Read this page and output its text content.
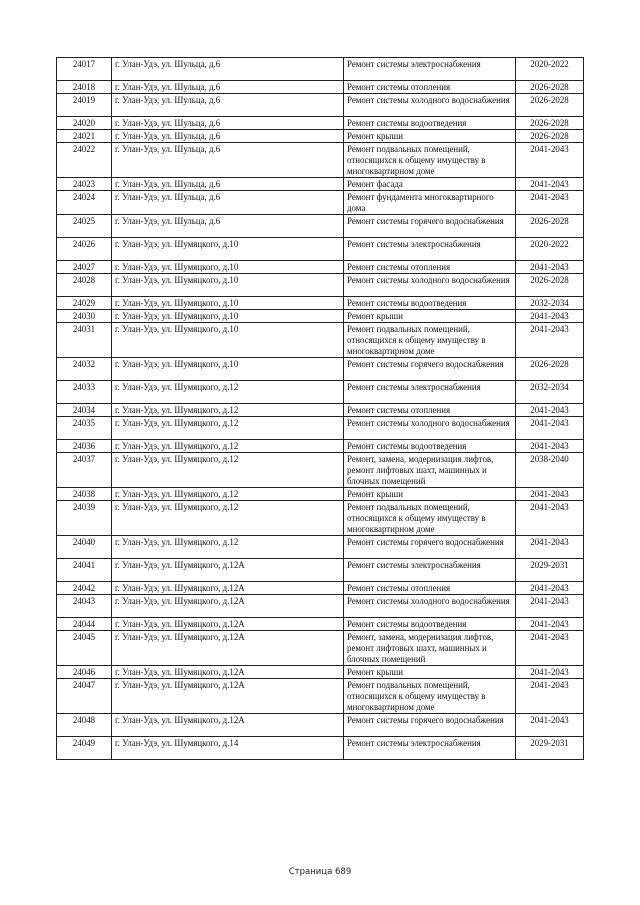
24017	г. Улан-Удэ, ул. Шульца, д.6	Ремонт системы электроснабжения	2020-2022
24018	г. Улан-Удэ, ул. Шульца, д.6	Ремонт системы отопления	2026-2028
24019	г. Улан-Удэ, ул. Шульца, д.6	Ремонт системы холодного водоснабжения	2026-2028
24020	г. Улан-Удэ, ул. Шульца, д.6	Ремонт системы водоотведения	2026-2028
24021	г. Улан-Удэ, ул. Шульца, д.6	Ремонт крыши	2026-2028
24022	г. Улан-Удэ, ул. Шульца, д.6	Ремонт подвальных помещений, относящихся к общему имуществу в многоквартирном доме	2041-2043
24023	г. Улан-Удэ, ул. Шульца, д.6	Ремонт фасада	2041-2043
24024	г. Улан-Удэ, ул. Шульца, д.6	Ремонт фундамента многоквартирного дома	2041-2043
24025	г. Улан-Удэ, ул. Шульца, д.6	Ремонт системы горячего водоснабжения	2026-2028
24026	г. Улан-Удэ, ул. Шумяцкого, д.10	Ремонт системы электроснабжения	2020-2022
24027	г. Улан-Удэ, ул. Шумяцкого, д.10	Ремонт системы отопления	2041-2043
24028	г. Улан-Удэ, ул. Шумяцкого, д.10	Ремонт системы холодного водоснабжения	2026-2028
24029	г. Улан-Удэ, ул. Шумяцкого, д.10	Ремонт системы водоотведения	2032-2034
24030	г. Улан-Удэ, ул. Шумяцкого, д.10	Ремонт крыши	2041-2043
24031	г. Улан-Удэ, ул. Шумяцкого, д.10	Ремонт подвальных помещений, относящихся к общему имуществу в многоквартирном доме	2041-2043
24032	г. Улан-Удэ, ул. Шумяцкого, д.10	Ремонт системы горячего водоснабжения	2026-2028
24033	г. Улан-Удэ, ул. Шумяцкого, д.12	Ремонт системы электроснабжения	2032-2034
24034	г. Улан-Удэ, ул. Шумяцкого, д.12	Ремонт системы отопления	2041-2043
24035	г. Улан-Удэ, ул. Шумяцкого, д.12	Ремонт системы холодного водоснабжения	2041-2043
24036	г. Улан-Удэ, ул. Шумяцкого, д.12	Ремонт системы водоотведения	2041-2043
24037	г. Улан-Удэ, ул. Шумяцкого, д.12	Ремонт, замена, модернизация лифтов, ремонт лифтовых шахт, машинных и блочных помещений	2038-2040
24038	г. Улан-Удэ, ул. Шумяцкого, д.12	Ремонт крыши	2041-2043
24039	г. Улан-Удэ, ул. Шумяцкого, д.12	Ремонт подвальных помещений, относящихся к общему имуществу в многоквартирном доме	2041-2043
24040	г. Улан-Удэ, ул. Шумяцкого, д.12	Ремонт системы горячего водоснабжения	2041-2043
24041	г. Улан-Удэ, ул. Шумяцкого, д.12А	Ремонт системы электроснабжения	2029-2031
24042	г. Улан-Удэ, ул. Шумяцкого, д.12А	Ремонт системы отопления	2041-2043
24043	г. Улан-Удэ, ул. Шумяцкого, д.12А	Ремонт системы холодного водоснабжения	2041-2043
24044	г. Улан-Удэ, ул. Шумяцкого, д.12А	Ремонт системы водоотведения	2041-2043
24045	г. Улан-Удэ, ул. Шумяцкого, д.12А	Ремонт, замена, модернизация лифтов, ремонт лифтовых шахт, машинных и блочных помещений	2041-2043
24046	г. Улан-Удэ, ул. Шумяцкого, д.12А	Ремонт крыши	2041-2043
24047	г. Улан-Удэ, ул. Шумяцкого, д.12А	Ремонт подвальных помещений, относящихся к общему имуществу в многоквартирном доме	2041-2043
24048	г. Улан-Удэ, ул. Шумяцкого, д.12А	Ремонт системы горячего водоснабжения	2041-2043
24049	г. Улан-Удэ, ул. Шумяцкого, д.14	Ремонт системы электроснабжения	2029-2031
Страница 689
